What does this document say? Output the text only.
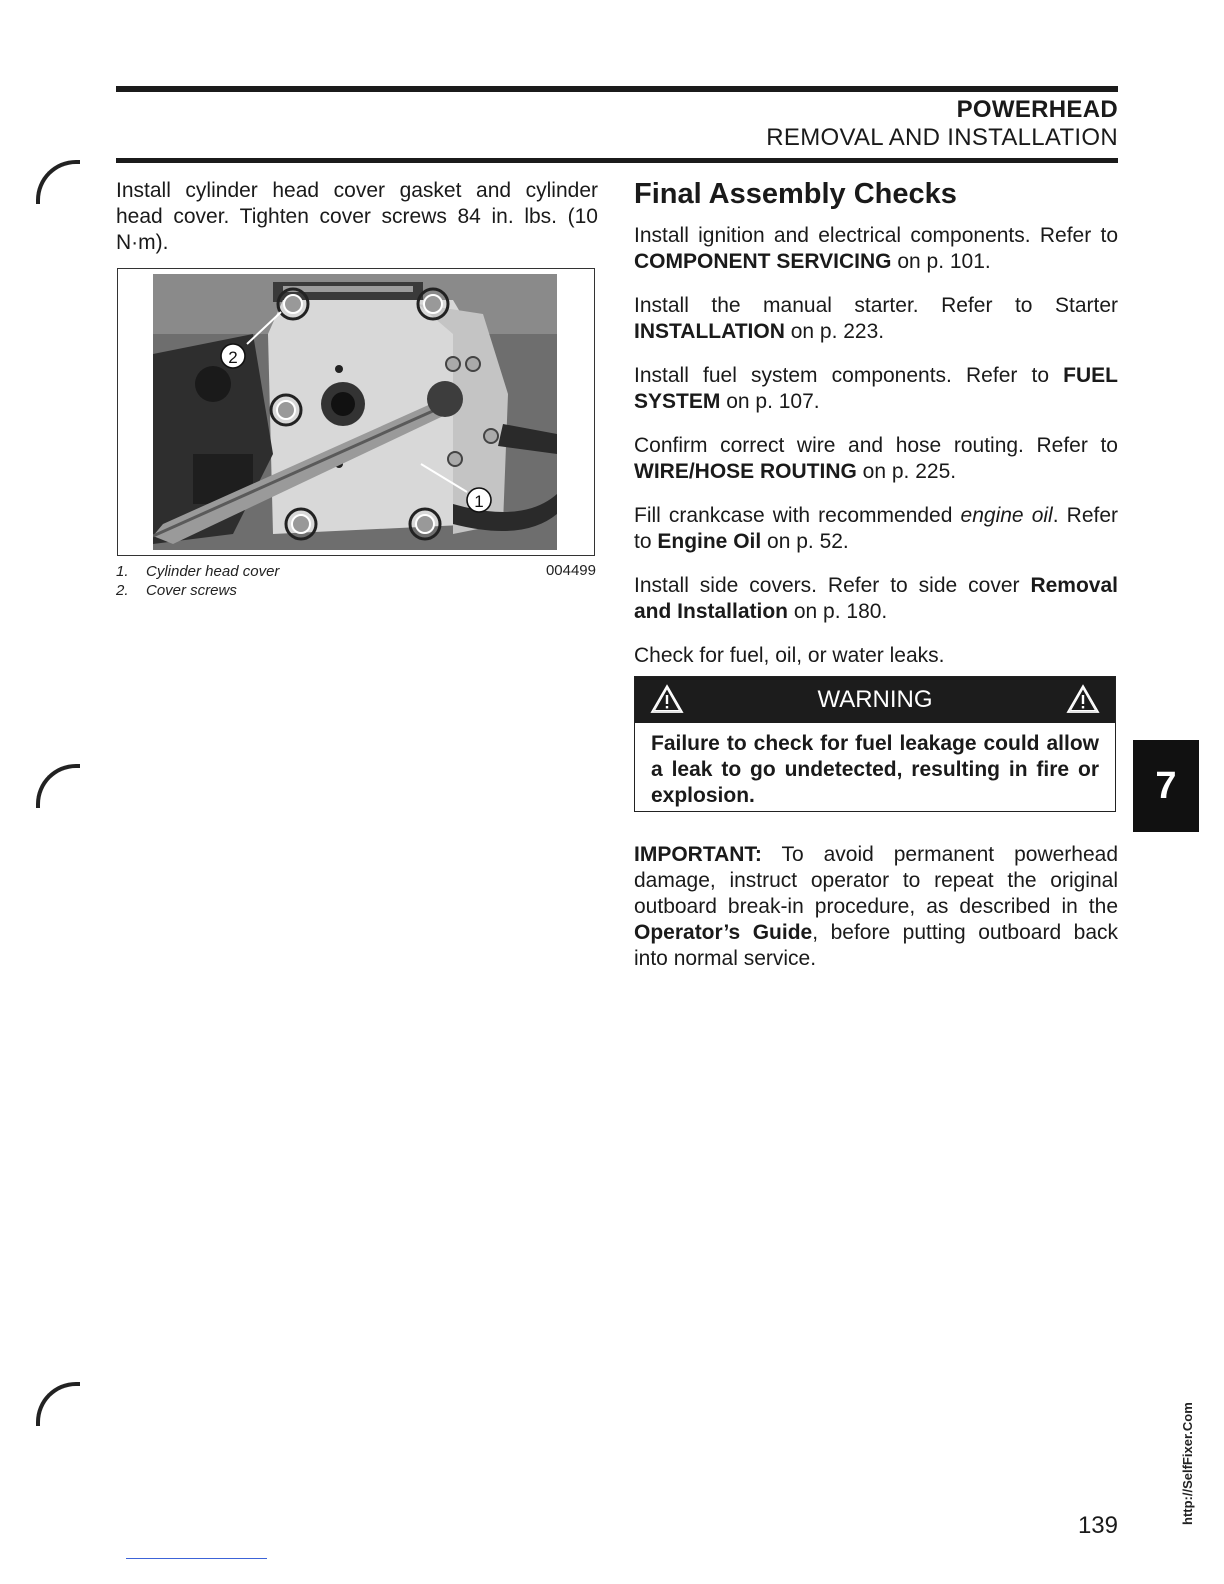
POWERHEAD
REMOVAL AND INSTALLATION

Install cylinder head cover gasket and cylinder head cover. Tighten cover screws 84 in. lbs. (10 N·m).

2
1
1.	Cylinder head cover
2.	Cover screws
004499
Final Assembly Checks

Install ignition and electrical components. Refer to COMPONENT SERVICING on p. 101.

Install the manual starter. Refer to Starter INSTALLATION on p. 223.

Install fuel system components. Refer to FUEL SYSTEM on p. 107.

Confirm correct wire and hose routing. Refer to WIRE/HOSE ROUTING on p. 225.

Fill crankcase with recommended engine oil. Refer to Engine Oil on p. 52.

Install side covers. Refer to side cover Removal and Installation on p. 180.

Check for fuel, oil, or water leaks.

WARNING
Failure to check for fuel leakage could allow a leak to go undetected, resulting in fire or explosion.

IMPORTANT: To avoid permanent powerhead damage, instruct operator to repeat the original outboard break-in procedure, as described in the Operator’s Guide, before putting outboard back into normal service.

7
http://SelfFixer.Com
139
